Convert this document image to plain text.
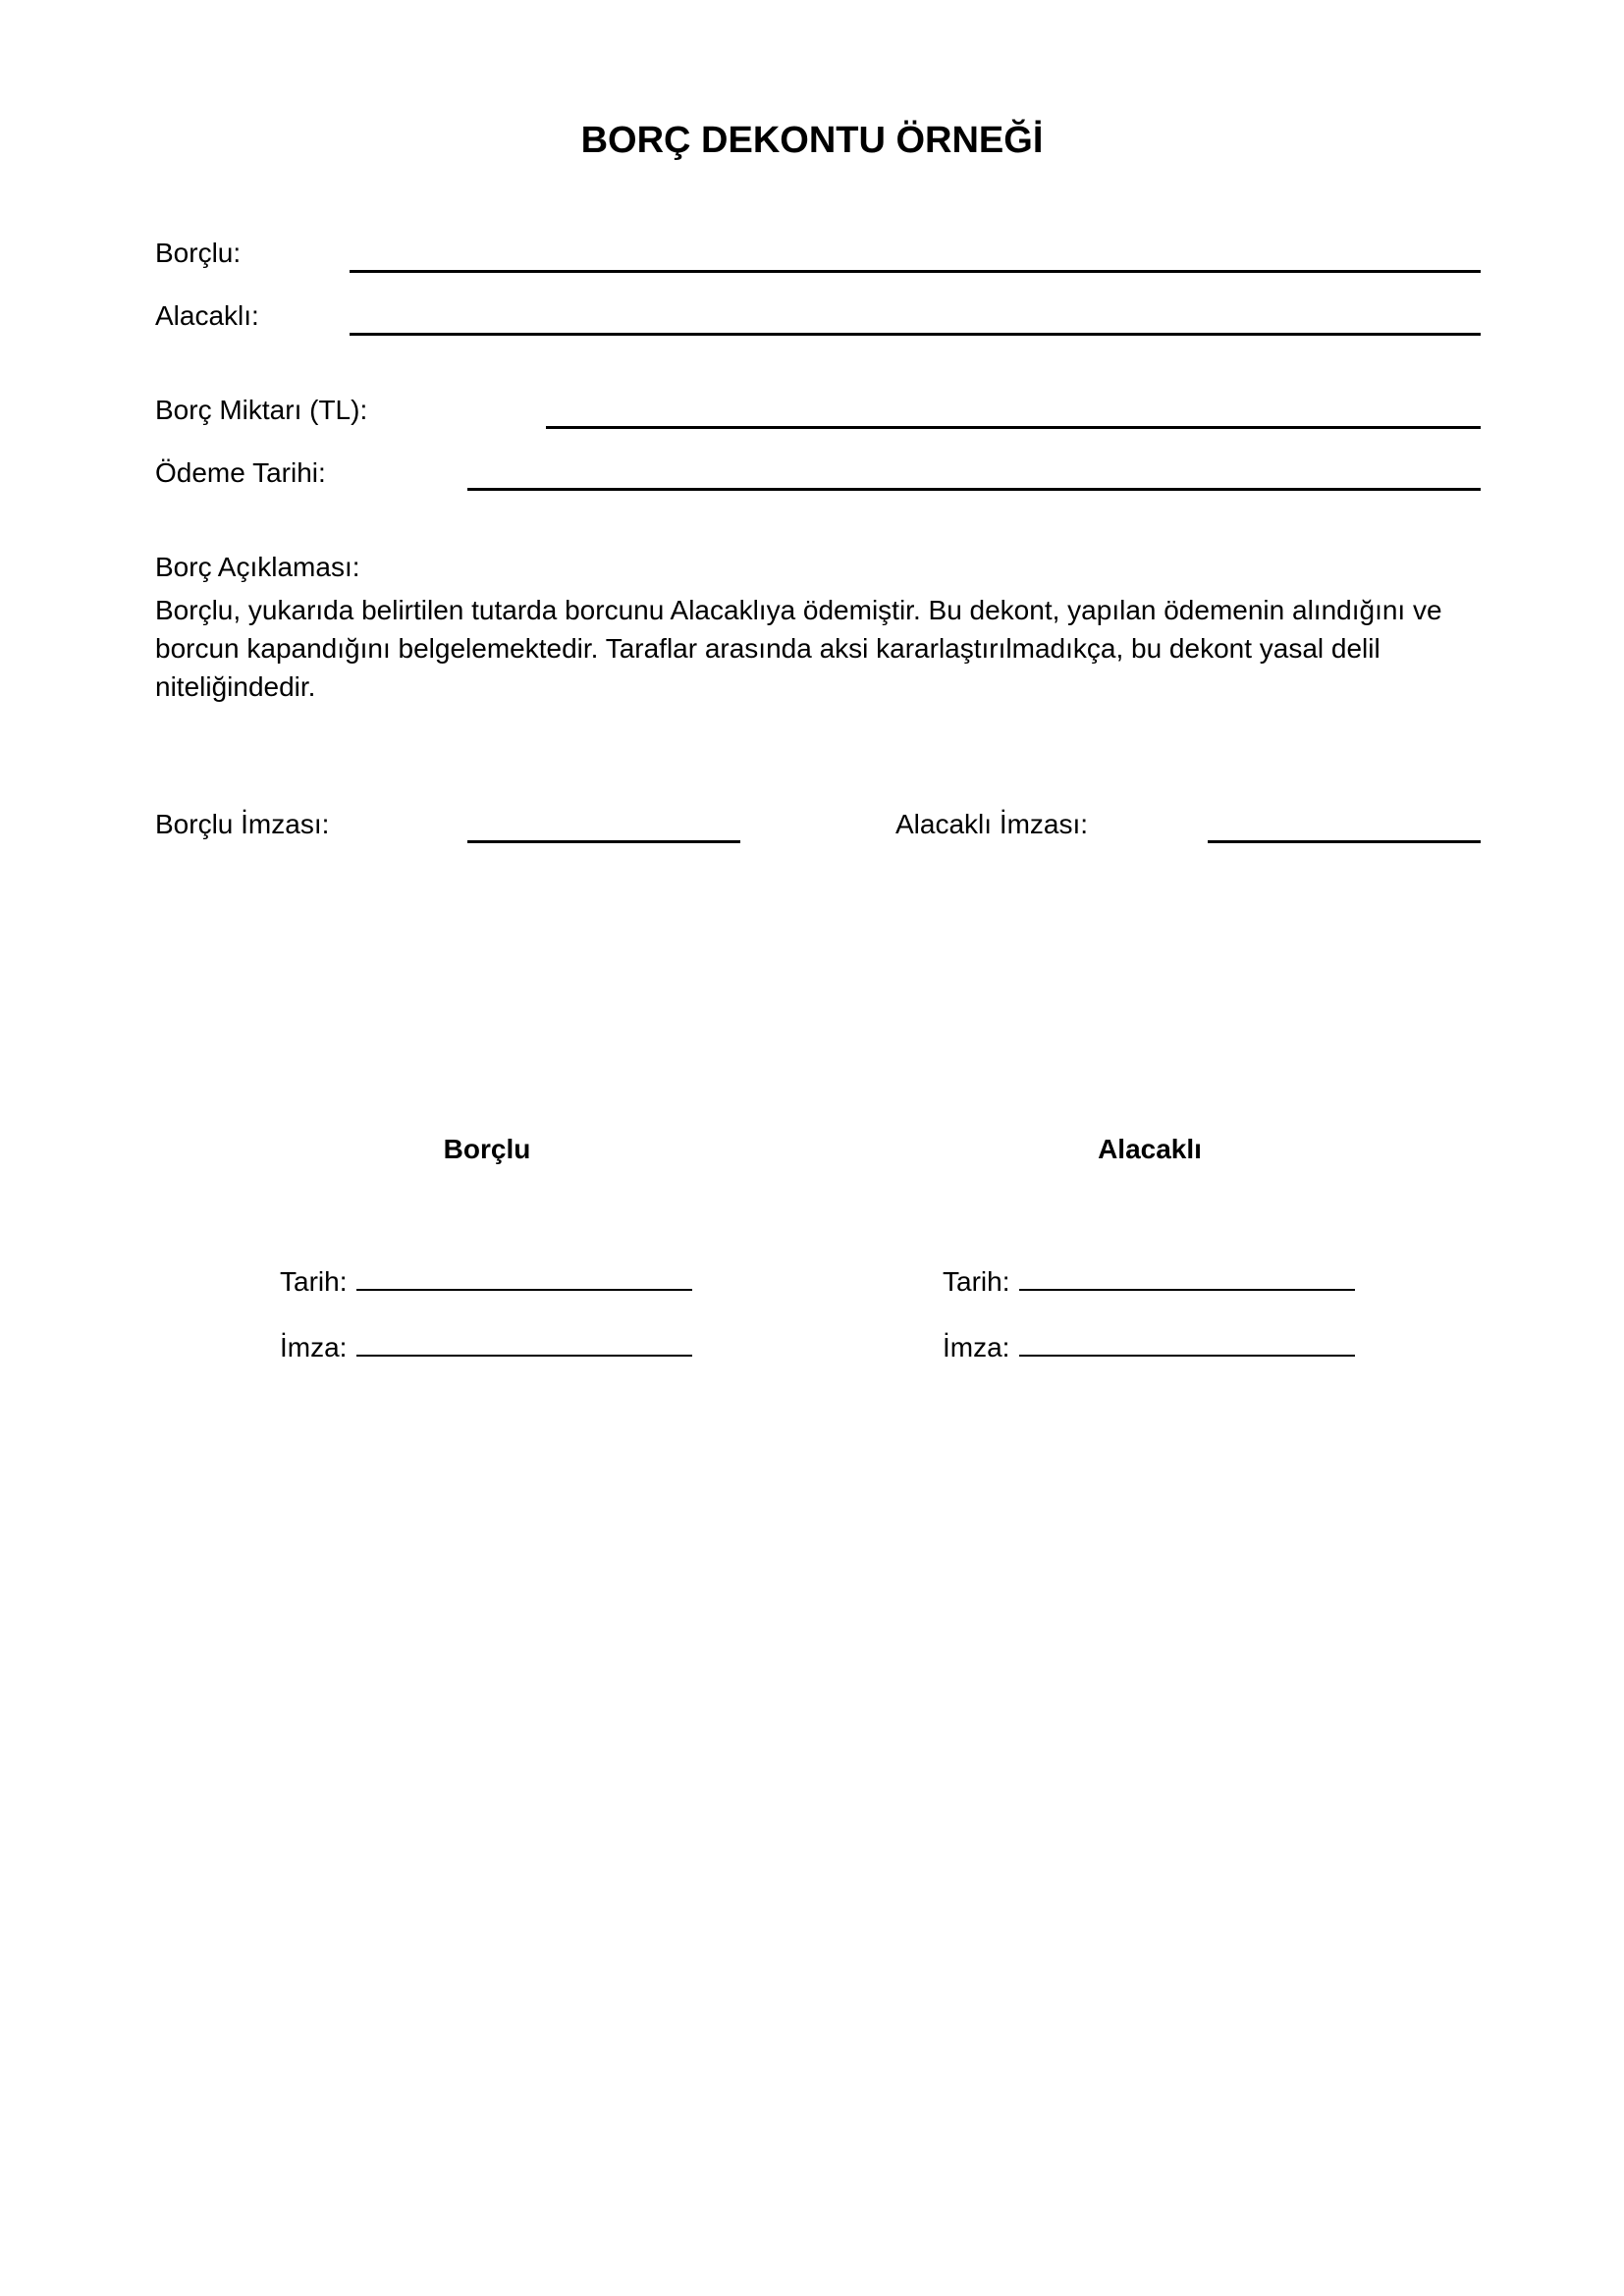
BORÇ DEKONTU ÖRNEĞİ
Borçlu:
Alacaklı:
Borç Miktarı (TL):
Ödeme Tarihi:
Borç Açıklaması:
Borçlu, yukarıda belirtilen tutarda borcunu Alacaklıya ödemiştir. Bu dekont, yapılan ödemenin alındığını ve borcun kapandığını belgelemektedir. Taraflar arasında aksi kararlaştırılmadıkça, bu dekont yasal delil niteliğindedir.
Borçlu İmzası:	Alacaklı İmzası:
Borçlu	Alacaklı
Tarih:
İmza:
Tarih:
İmza:
